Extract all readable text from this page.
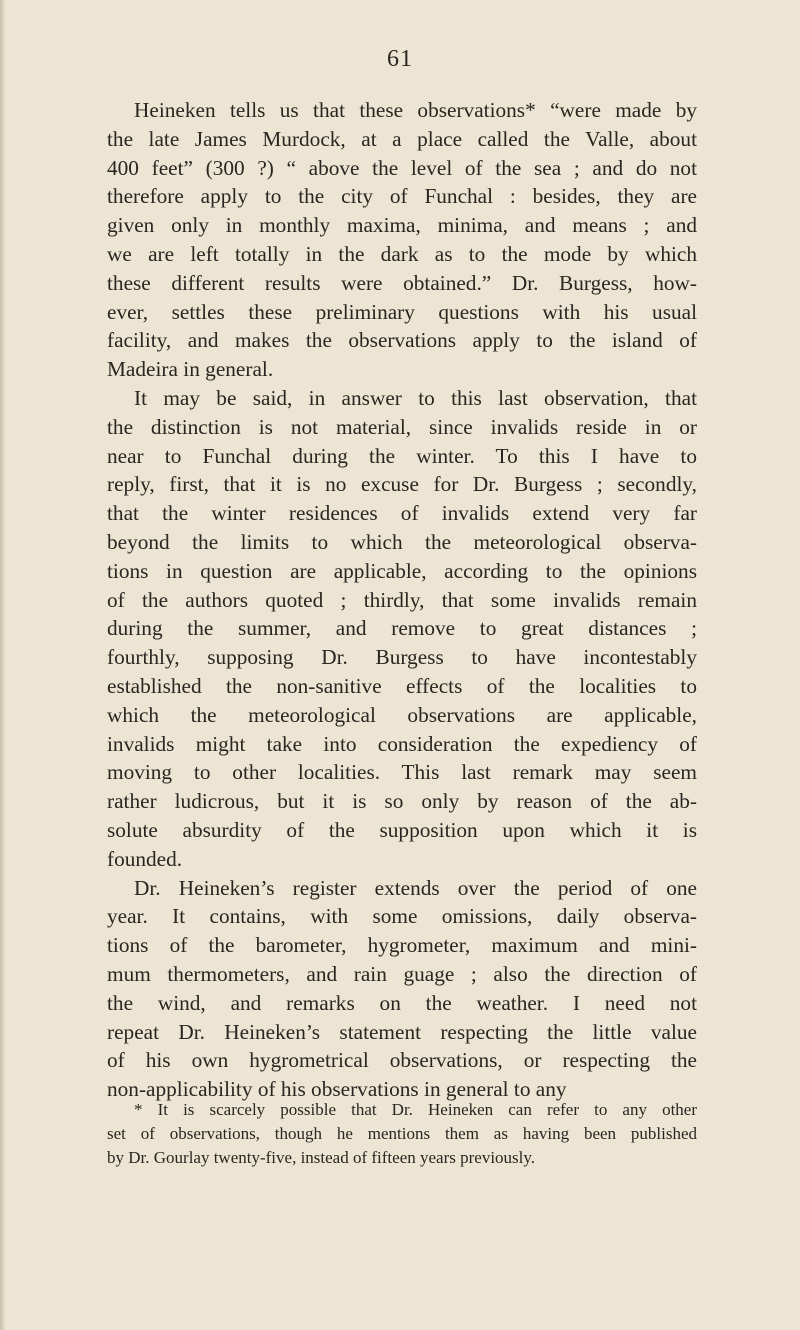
61
Heineken tells us that these observations* “were made by
the late James Murdock, at a place called the Valle, about
400 feet” (300 ?) “ above the level of the sea ; and do not
therefore apply to the city of Funchal : besides, they are
given only in monthly maxima, minima, and means ; and
we are left totally in the dark as to the mode by which
these different results were obtained.” Dr. Burgess, how-
ever, settles these preliminary questions with his usual
facility, and makes the observations apply to the island of
Madeira in general.
It may be said, in answer to this last observation, that
the distinction is not material, since invalids reside in or
near to Funchal during the winter. To this I have to
reply, first, that it is no excuse for Dr. Burgess ; secondly,
that the winter residences of invalids extend very far
beyond the limits to which the meteorological observa-
tions in question are applicable, according to the opinions
of the authors quoted ; thirdly, that some invalids remain
during the summer, and remove to great distances ;
fourthly, supposing Dr. Burgess to have incontestably
established the non-sanitive effects of the localities to
which the meteorological observations are applicable,
invalids might take into consideration the expediency of
moving to other localities. This last remark may seem
rather ludicrous, but it is so only by reason of the ab-
solute absurdity of the supposition upon which it is
founded.
Dr. Heineken’s register extends over the period of one
year. It contains, with some omissions, daily observa-
tions of the barometer, hygrometer, maximum and mini-
mum thermometers, and rain guage ; also the direction of
the wind, and remarks on the weather. I need not
repeat Dr. Heineken’s statement respecting the little value
of his own hygrometrical observations, or respecting the
non-applicability of his observations in general to any
* It is scarcely possible that Dr. Heineken can refer to any other
set of observations, though he mentions them as having been published
by Dr. Gourlay twenty-five, instead of fifteen years previously.
